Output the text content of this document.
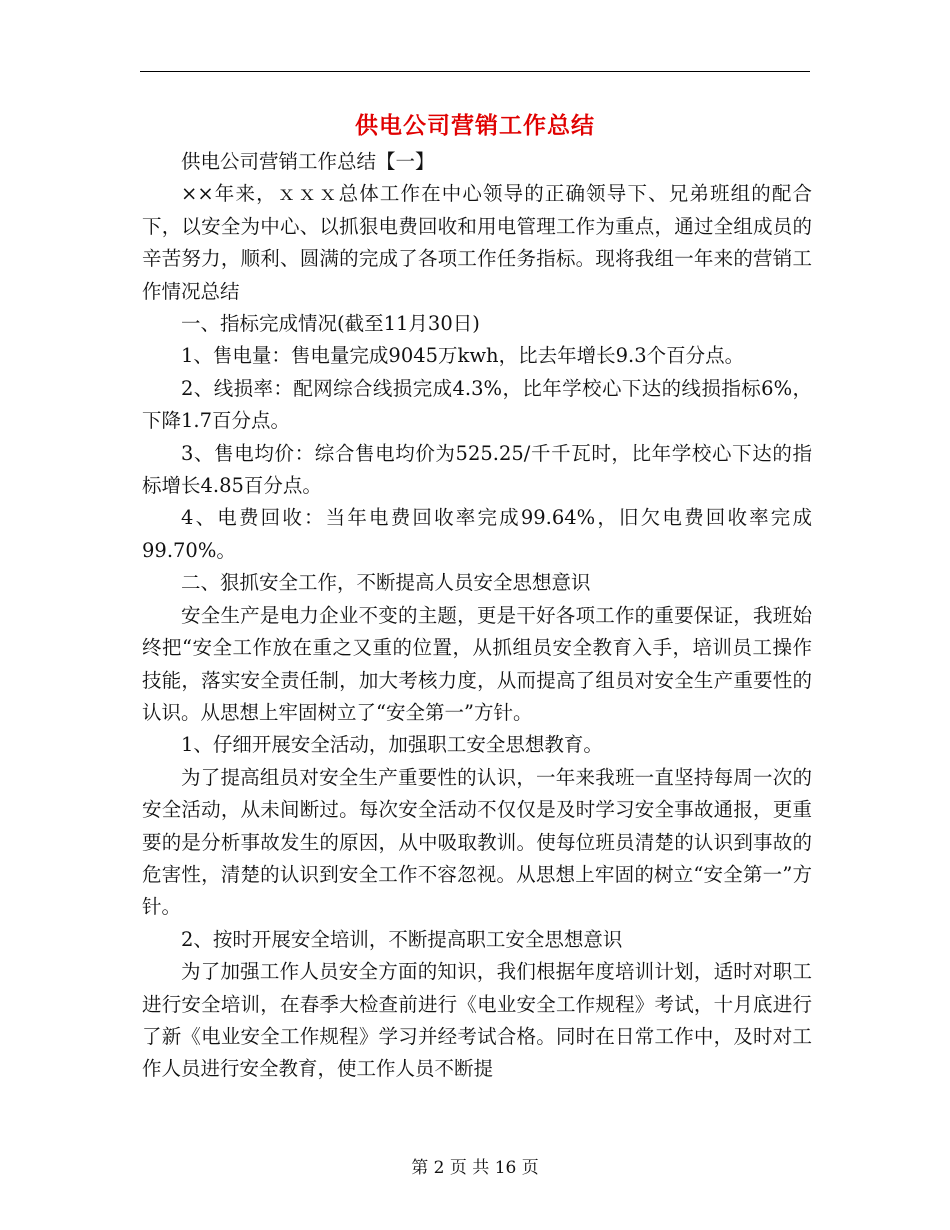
供电公司营销工作总结

供电公司营销工作总结【一】

××年来，ｘｘｘ总体工作在中心领导的正确领导下、兄弟班组的配合下，以安全为中心、以抓狠电费回收和用电管理工作为重点，通过全组成员的辛苦努力，顺利、圆满的完成了各项工作任务指标。现将我组一年来的营销工作情况总结

一、指标完成情况(截至11月30日)

1、售电量：售电量完成9045万kwh，比去年增长9.3个百分点。

2、线损率：配网综合线损完成4.3%，比年学校心下达的线损指标6%，下降1.7百分点。

3、售电均价：综合售电均价为525.25/千千瓦时，比年学校心下达的指标增长4.85百分点。

4、电费回收：当年电费回收率完成99.64%，旧欠电费回收率完成99.70%。

二、狠抓安全工作，不断提高人员安全思想意识

安全生产是电力企业不变的主题，更是干好各项工作的重要保证，我班始终把“安全工作放在重之又重的位置，从抓组员安全教育入手，培训员工操作技能，落实安全责任制，加大考核力度，从而提高了组员对安全生产重要性的认识。从思想上牢固树立了“安全第一”方针。

1、仔细开展安全活动，加强职工安全思想教育。

为了提高组员对安全生产重要性的认识，一年来我班一直坚持每周一次的安全活动，从未间断过。每次安全活动不仅仅是及时学习安全事故通报，更重要的是分析事故发生的原因，从中吸取教训。使每位班员清楚的认识到事故的危害性，清楚的认识到安全工作不容忽视。从思想上牢固的树立“安全第一”方针。

2、按时开展安全培训，不断提高职工安全思想意识

为了加强工作人员安全方面的知识，我们根据年度培训计划，适时对职工进行安全培训，在春季大检查前进行《电业安全工作规程》考试，十月底进行了新《电业安全工作规程》学习并经考试合格。同时在日常工作中，及时对工作人员进行安全教育，使工作人员不断提

第 2 页 共 16 页
